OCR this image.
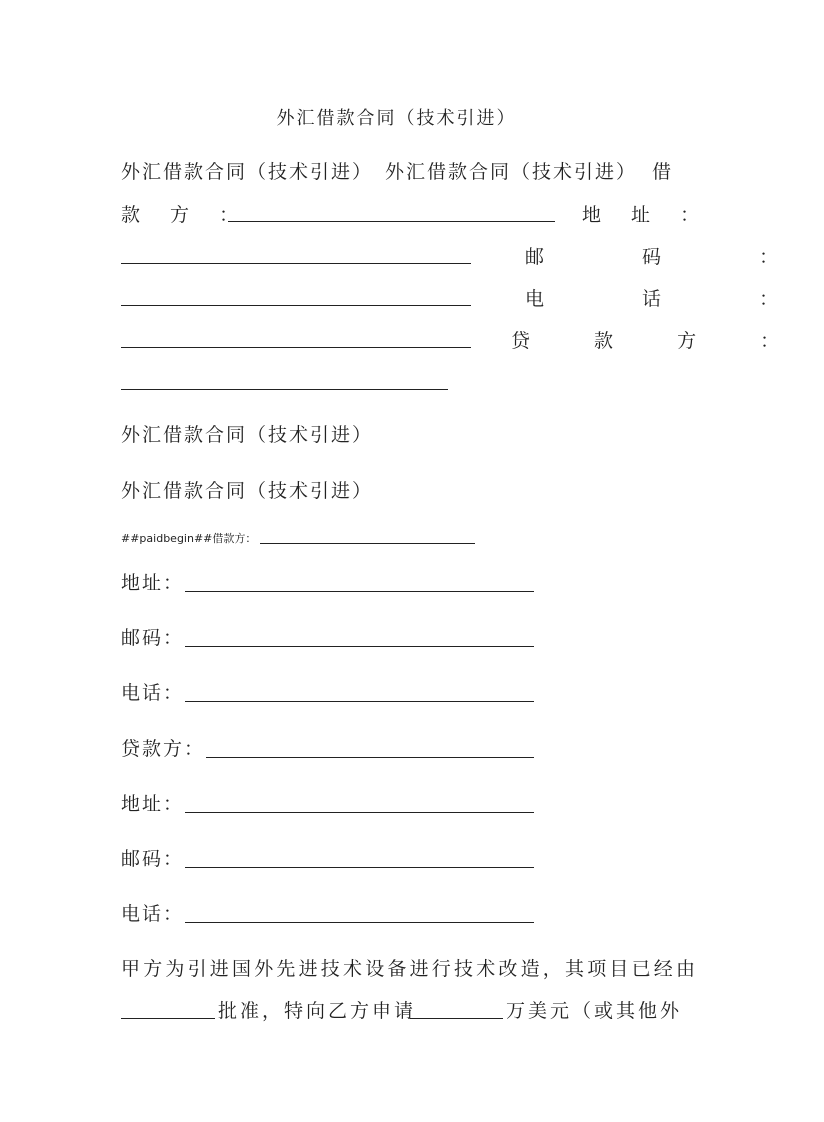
外汇借款合同（技术引进）
外汇借款合同（技术引进） 外汇借款合同（技术引进） 借
款 方 ：	地 址 ：
邮 码 ：
电 话 ：
贷 款 方 ：
外汇借款合同（技术引进）
外汇借款合同（技术引进）
##paidbegin##借款方：
地址：
邮码：
电话：
贷款方：
地址：
邮码：
电话：
甲方为引进国外先进技术设备进行技术改造，其项目已经由
批准，特向乙方申请	万美元（或其他外
